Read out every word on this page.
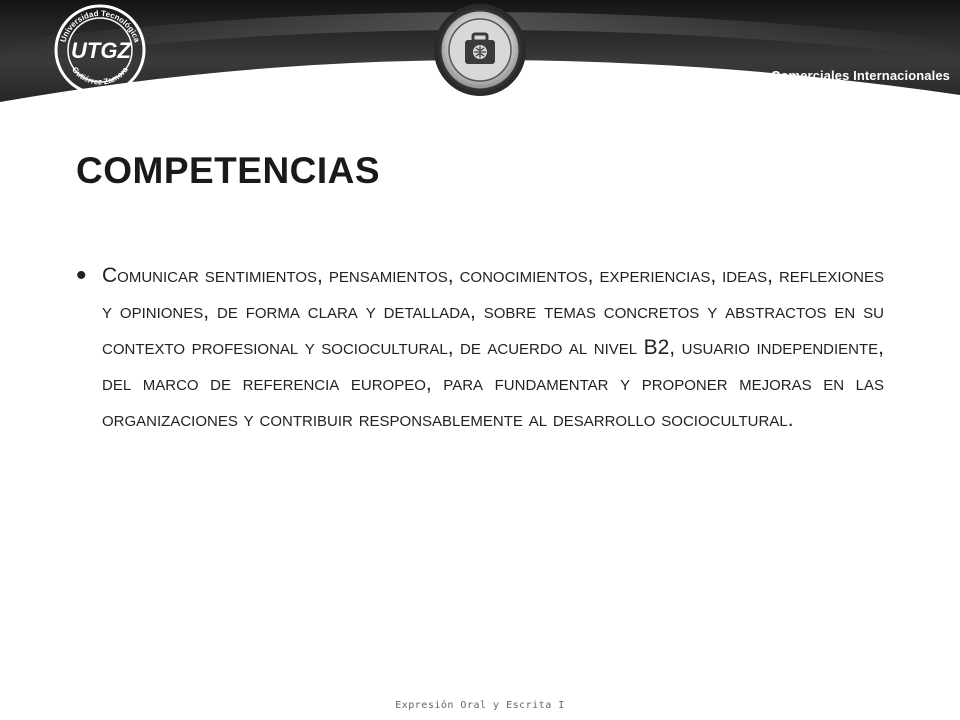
Universidad Tecnológica
Gutiérrez Zamora
UTGZ
TSU en Operaciones Comerciales Internacionales
COMPETENCIAS
• Comunicar sentimientos, pensamientos, conocimientos, experiencias, ideas, reflexiones y opiniones, de forma clara y detallada, sobre temas concretos y abstractos en su contexto profesional y sociocultural, de acuerdo al nivel B2, usuario independiente, del marco de referencia europeo, para fundamentar y proponer mejoras en las organizaciones y contribuir responsablemente al desarrollo sociocultural.

Expresión Oral y Escrita I
